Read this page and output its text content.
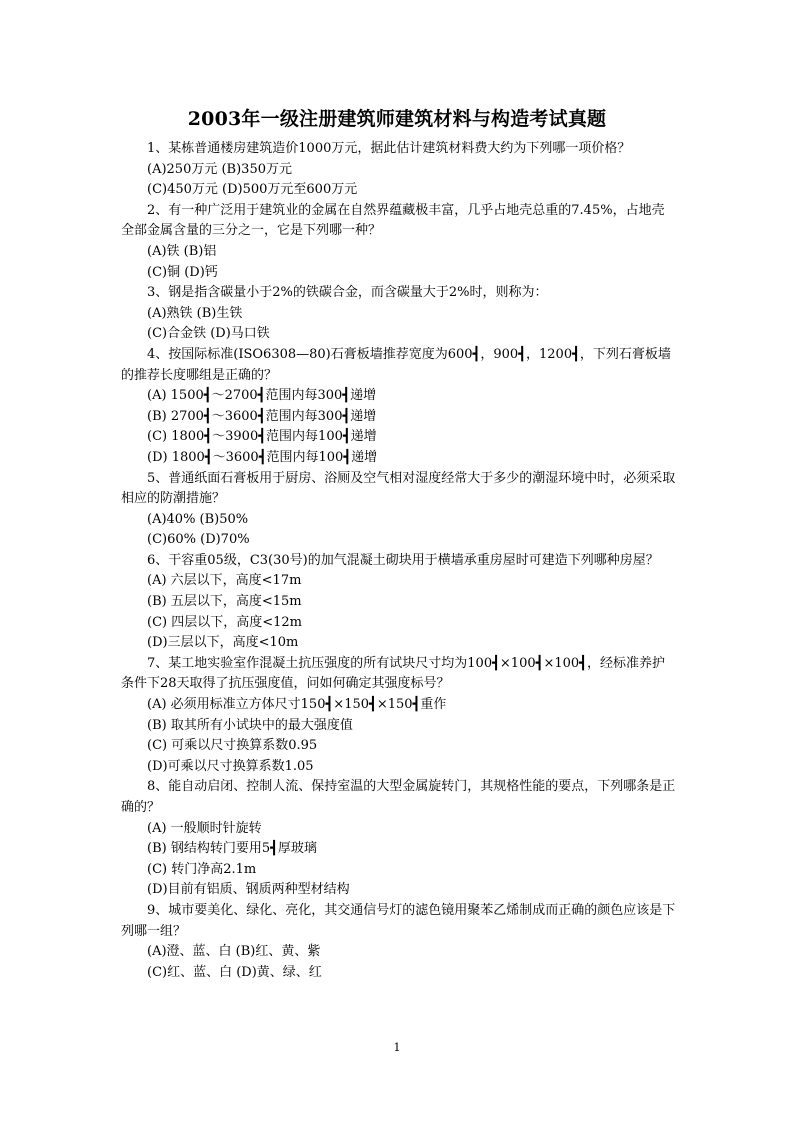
2003年一级注册建筑师建筑材料与构造考试真题

1、某栋普通楼房建筑造价1000万元，据此估计建筑材料费大约为下列哪一项价格？

(A)250万元 (B)350万元

(C)450万元 (D)500万元至600万元

2、有一种广泛用于建筑业的金属在自然界蕴藏极丰富，几乎占地壳总重的7.45%，占地壳全部金属含量的三分之一，它是下列哪一种？

(A)铁 (B)铝

(C)铜 (D)钙

3、钢是指含碳量小于2%的铁碳合金，而含碳量大于2%时，则称为：

(A)熟铁 (B)生铁

(C)合金铁 (D)马口铁

4、按国际标准(ISO6308—80)石膏板墙推荐宽度为600┫，900┫，1200┫，下列石膏板墙的推荐长度哪组是正确的？

(A) 1500┫～2700┫范围内每300┫递增

(B) 2700┫～3600┫范围内每300┫递增

(C) 1800┫～3900┫范围内每100┫递增

(D) 1800┫～3600┫范围内每100┫递增

5、普通纸面石膏板用于厨房、浴厕及空气相对湿度经常大于多少的潮湿环境中时，必须采取相应的防潮措施？

(A)40% (B)50%

(C)60% (D)70%

6、干容重05级，C3(30号)的加气混凝土砌块用于横墙承重房屋时可建造下列哪种房屋？

(A) 六层以下，高度<17m

(B) 五层以下，高度<15m

(C) 四层以下，高度<12m

(D)三层以下，高度<10m

7、某工地实验室作混凝土抗压强度的所有试块尺寸均为100┫×100┫×100┫，经标准养护条件下28天取得了抗压强度值，问如何确定其强度标号？

(A) 必须用标准立方体尺寸150┫×150┫×150┫重作

(B) 取其所有小试块中的最大强度值

(C) 可乘以尺寸换算系数0.95

(D)可乘以尺寸换算系数1.05

8、能自动启闭、控制人流、保持室温的大型金属旋转门，其规格性能的要点，下列哪条是正确的？

(A) 一般顺时针旋转

(B) 钢结构转门要用5┫厚玻璃

(C) 转门净高2.1m

(D)目前有铝质、钢质两种型材结构

9、城市要美化、绿化、亮化，其交通信号灯的滤色镜用聚苯乙烯制成而正确的颜色应该是下列哪一组？

(A)澄、蓝、白 (B)红、黄、紫

(C)红、蓝、白 (D)黄、绿、红

1
